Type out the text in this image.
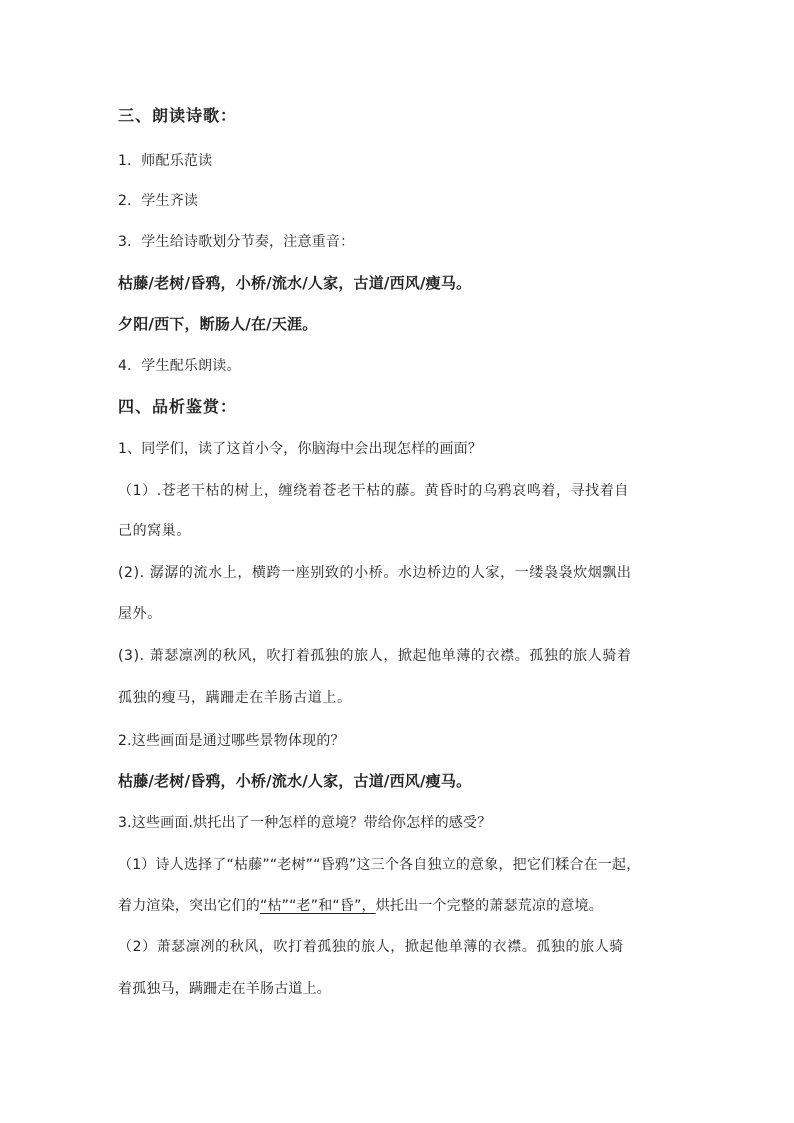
三、朗读诗歌：
1．师配乐范读
2．学生齐读
3．学生给诗歌划分节奏，注意重音：
枯藤/老树/昏鸦，小桥/流水/人家，古道/西风/瘦马。
夕阳/西下，断肠人/在/天涯。
4．学生配乐朗读。
四、品析鉴赏：
1、同学们，读了这首小令，你脑海中会出现怎样的画面？
（1）.苍老干枯的树上，缠绕着苍老干枯的藤。黄昏时的乌鸦哀鸣着，寻找着自
己的窝巢。
(2). 潺潺的流水上，横跨一座别致的小桥。水边桥边的人家，一缕袅袅炊烟飘出
屋外。
(3). 萧瑟凛冽的秋风，吹打着孤独的旅人，掀起他单薄的衣襟。孤独的旅人骑着
孤独的瘦马，蹒跚走在羊肠古道上。
2.这些画面是通过哪些景物体现的？
枯藤/老树/昏鸦，小桥/流水/人家，古道/西风/瘦马。
3.这些画面.烘托出了一种怎样的意境？带给你怎样的感受？
（1）诗人选择了“枯藤”“老树”“昏鸦”这三个各自独立的意象，把它们糅合在一起，
着力渲染，突出它们的“枯”“老”和“昏”，烘托出一个完整的萧瑟荒凉的意境。
（2）萧瑟凛冽的秋风，吹打着孤独的旅人，掀起他单薄的衣襟。孤独的旅人骑
着孤独马，蹒跚走在羊肠古道上。
